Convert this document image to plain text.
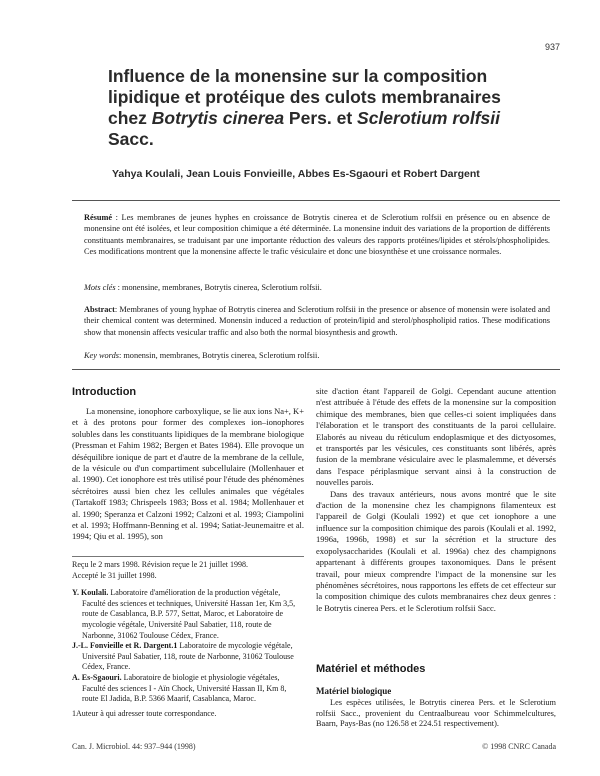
937
Influence de la monensine sur la composition
lipidique et protéique des culots membranaires
chez Botrytis cinerea Pers. et Sclerotium rolfsii
Sacc.
Yahya Koulali, Jean Louis Fonvieille, Abbes Es-Sgaouri et Robert Dargent
Résumé : Les membranes de jeunes hyphes en croissance de Botrytis cinerea et de Sclerotium rolfsii en présence ou en absence de monensine ont été isolées, et leur composition chimique a été déterminée. La monensine induit des variations de la proportion de différents constituants membranaires, se traduisant par une importante réduction des valeurs des rapports protéines/lipides et stérols/phospholipides. Ces modifications montrent que la monensine affecte le trafic vésiculaire et donc une biosynthèse et une croissance normales.
Mots clés : monensine, membranes, Botrytis cinerea, Sclerotium rolfsii.
Abstract: Membranes of young hyphae of Botrytis cinerea and Sclerotium rolfsii in the presence or absence of monensin were isolated and their chemical content was determined. Monensin induced a reduction of protein/lipid and sterol/phospholipid ratios. These modifications show that monensin affects vesicular traffic and also both the normal biosynthesis and growth.
Key words: monensin, membranes, Botrytis cinerea, Sclerotium rolfsii.
Introduction

La monensine, ionophore carboxylique, se lie aux ions Na+, K+ et à des protons pour former des complexes ion–ionophores solubles dans les constituants lipidiques de la membrane biologique (Pressman et Fahim 1982; Bergen et Bates 1984). Elle provoque un déséquilibre ionique de part et d'autre de la membrane de la cellule, de la vésicule ou d'un compartiment subcellulaire (Mollenhauer et al. 1990). Cet ionophore est très utilisé pour l'étude des phénomènes sécrétoires aussi bien chez les cellules animales que végétales (Tartakoff 1983; Chrispeels 1983; Boss et al. 1984; Mollenhauer et al. 1990; Speranza et Calzoni 1992; Calzoni et al. 1993; Ciampolini et al. 1993; Hoffmann-Benning et al. 1994; Satiat-Jeunemaitre et al. 1994; Qiu et al. 1995), son

Reçu le 2 mars 1998. Révision reçue le 21 juillet 1998.

Accepté le 31 juillet 1998.

Y. Koulali. Laboratoire d'amélioration de la production végétale, Faculté des sciences et techniques, Université Hassan 1er, Km 3,5, route de Casablanca, B.P. 577, Settat, Maroc, et Laboratoire de mycologie végétale, Université Paul Sabatier, 118, route de Narbonne, 31062 Toulouse Cédex, France.

J.-L. Fonvieille et R. Dargent.1 Laboratoire de mycologie végétale, Université Paul Sabatier, 118, route de Narbonne, 31062 Toulouse Cédex, France.

A. Es-Sgaouri. Laboratoire de biologie et physiologie végétales, Faculté des sciences I - Aïn Chock, Université Hassan II, Km 8, route El Jadida, B.P. 5366 Maarif, Casablanca, Maroc.

1Auteur à qui adresser toute correspondance.

site d'action étant l'appareil de Golgi. Cependant aucune attention n'est attribuée à l'étude des effets de la monensine sur la composition chimique des membranes, bien que celles-ci soient impliquées dans l'élaboration et le transport des constituants de la paroi cellulaire. Elaborés au niveau du réticulum endoplasmique et des dictyosomes, et transportés par les vésicules, ces constituants sont libérés, après fusion de la membrane vésiculaire avec le plasmalemme, et déversés dans l'espace périplasmique servant ainsi à la construction de nouvelles parois.

Dans des travaux antérieurs, nous avons montré que le site d'action de la monensine chez les champignons filamenteux est l'appareil de Golgi (Koulali 1992) et que cet ionophore a une influence sur la composition chimique des parois (Koulali et al. 1992, 1996a, 1996b, 1998) et sur la sécrétion et la structure des exopolysaccharides (Koulali et al. 1996a) chez des champignons appartenant à différents groupes taxonomiques. Dans le présent travail, pour mieux comprendre l'impact de la monensine sur les phénomènes sécrétoires, nous rapportons les effets de cet effecteur sur la composition chimique des culots membranaires chez deux genres : le Botrytis cinerea Pers. et le Sclerotium rolfsii Sacc.

Matériel et méthodes
Matériel biologique

Les espèces utilisées, le Botrytis cinerea Pers. et le Sclerotium rolfsii Sacc., provenient du Centraalbureau voor Schimmelcultures, Baarn, Pays-Bas (no 126.58 et 224.51 respectivement).

Can. J. Microbiol. 44: 937–944 (1998)	© 1998 CNRC Canada
